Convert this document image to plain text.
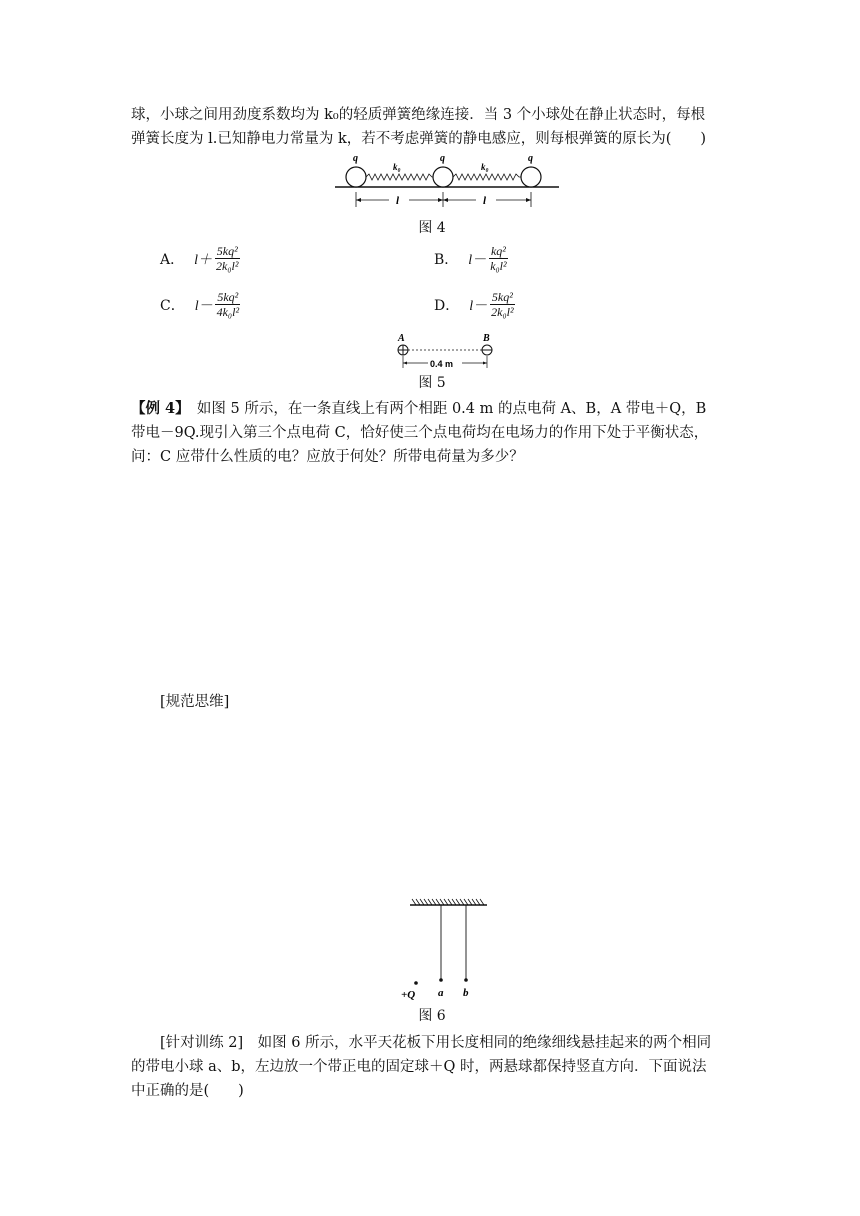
球，小球之间用劲度系数均为 k₀的轻质弹簧绝缘连接．当 3 个小球处在静止状态时，每根
弹簧长度为 l.已知静电力常量为 k，若不考虑弹簧的静电感应，则每根弹簧的原长为(　　)
q	q	q
k₀	k₀
l	l
图 4
A． $l+ \frac{\text{5kq²}}{\text{2k₀l²}}$	B． $l- \frac{\text{kq²}}{\text{k₀l²}}$
C． $l- \frac{\text{5kq²}}{\text{4k₀l²}}$	D． $l- \frac{\text{5kq²}}{\text{2k₀l²}}$
A	B
0.4 m
图 5
【例 4】　如图 5 所示，在一条直线上有两个相距 0.4 m 的点电荷 A、B，A 带电＋Q，B
带电－9Q.现引入第三个点电荷 C，恰好使三个点电荷均在电场力的作用下处于平衡状态，
问：C 应带什么性质的电？应放于何处？所带电荷量为多少？
[规范思维]
+Q a b
图 6
[针对训练 2]　如图 6 所示，水平天花板下用长度相同的绝缘细线悬挂起来的两个相同
的带电小球 a、b，左边放一个带正电的固定球＋Q 时，两悬球都保持竖直方向．下面说法
中正确的是(　　)
